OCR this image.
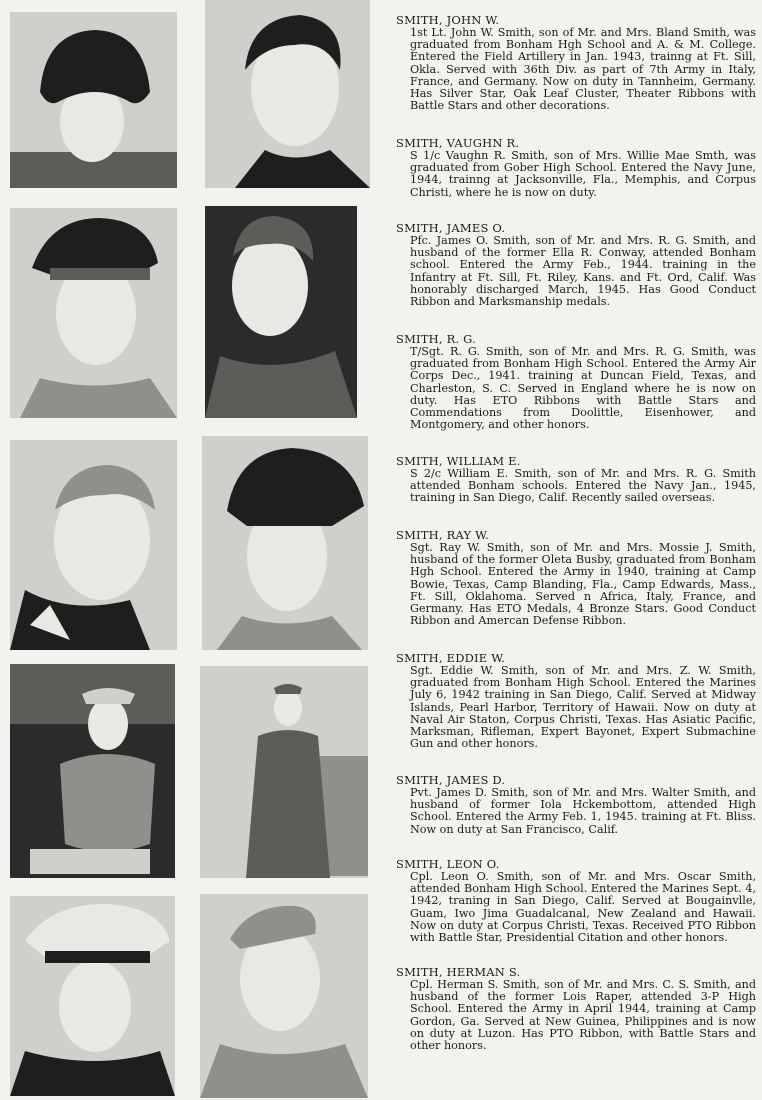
SMITH, JOHN W.

1st Lt. John W. Smith, son of Mr. and Mrs. Bland Smith, was graduated from Bonham Hgh School and A. & M. College. Entered the Field Artillery in Jan. 1943, trainng at Ft. Sill, Okla. Served with 36th Div. as part of 7th Army in Italy, France, and Germany. Now on duty in Tannheim, Germany. Has Silver Star, Oak Leaf Cluster, Theater Ribbons with Battle Stars and other decorations.

SMITH, VAUGHN R.

S 1/c Vaughn R. Smith, son of Mrs. Willie Mae Smth, was graduated from Gober High School. Entered the Navy June, 1944, trainng at Jacksonville, Fla., Memphis, and Corpus Christi, where he is now on duty.

SMITH, JAMES O.

Pfc. James O. Smith, son of Mr. and Mrs. R. G. Smith, and husband of the former Ella R. Conway, attended Bonham school. Entered the Army Feb., 1944. training in the Infantry at Ft. Sill, Ft. Riley, Kans. and Ft. Ord, Calif. Was honorably discharged March, 1945. Has Good Conduct Ribbon and Marksmanship medals.

SMITH, R. G.

T/Sgt. R. G. Smith, son of Mr. and Mrs. R. G. Smith, was graduated from Bonham High School. Entered the Army Air Corps Dec., 1941. training at Duncan Field, Texas, and Charleston, S. C. Served in England where he is now on duty. Has ETO Ribbons with Battle Stars and Commendations from Doolittle, Eisenhower, and Montgomery, and other honors.

SMITH, WILLIAM E.

S 2/c William E. Smith, son of Mr. and Mrs. R. G. Smith attended Bonham schools. Entered the Navy Jan., 1945, training in San Diego, Calif. Recently sailed overseas.

SMITH, RAY W.

Sgt. Ray W. Smith, son of Mr. and Mrs. Mossie J. Smith, husband of the former Oleta Busby, graduated from Bonham Hgh School. Entered the Army in 1940, training at Camp Bowie, Texas, Camp Blanding, Fla., Camp Edwards, Mass., Ft. Sill, Oklahoma. Served n Africa, Italy, France, and Germany. Has ETO Medals, 4 Bronze Stars. Good Conduct Ribbon and Amercan Defense Ribbon.

SMITH, EDDIE W.

Sgt. Eddie W. Smith, son of Mr. and Mrs. Z. W. Smith, graduated from Bonham High School. Entered the Marines July 6, 1942 training in San Diego, Calif. Served at Midway Islands, Pearl Harbor, Territory of Hawaii. Now on duty at Naval Air Staton, Corpus Christi, Texas. Has Asiatic Pacific, Marksman, Rifleman, Expert Bayonet, Expert Submachine Gun and other honors.

SMITH, JAMES D.

Pvt. James D. Smith, son of Mr. and Mrs. Walter Smith, and husband of former Iola Hckembottom, attended High School. Entered the Army Feb. 1, 1945. training at Ft. Bliss. Now on duty at San Francisco, Calif.

SMITH, LEON O.

Cpl. Leon O. Smith, son of Mr. and Mrs. Oscar Smith, attended Bonham High School. Entered the Marines Sept. 4, 1942, traning in San Diego, Calif. Served at Bougainvlle, Guam, Iwo Jima Guadalcanal, New Zealand and Hawaii. Now on duty at Corpus Christi, Texas. Received PTO Ribbon with Battle Star, Presidential Citation and other honors.

SMITH, HERMAN S.

Cpl. Herman S. Smith, son of Mr. and Mrs. C. S. Smith, and husband of the former Lois Raper, attended 3-P High School. Entered the Army in April 1944, training at Camp Gordon, Ga. Served at New Guinea, Philippines and is now on duty at Luzon. Has PTO Ribbon, with Battle Stars and other honors.
